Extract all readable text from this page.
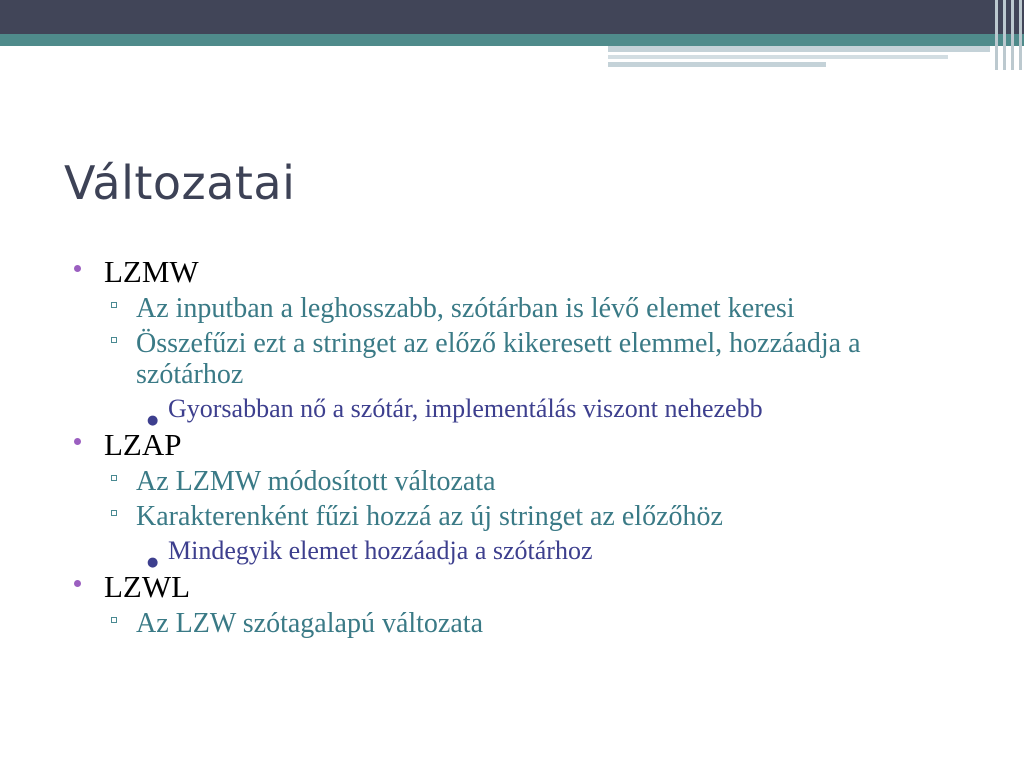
Változatai
LZMW
Az inputban a leghosszabb, szótárban is lévő elemet keresi
Összefűzi ezt a stringet az előző kikeresett elemmel, hozzáadja a szótárhoz
● Gyorsabban nő a szótár, implementálás viszont nehezebb
LZAP
Az LZMW módosított változata
Karakterenként fűzi hozzá az új stringet az előzőhöz
● Mindegyik elemet hozzáadja a szótárhoz
LZWL
Az LZW szótagalapú változata
